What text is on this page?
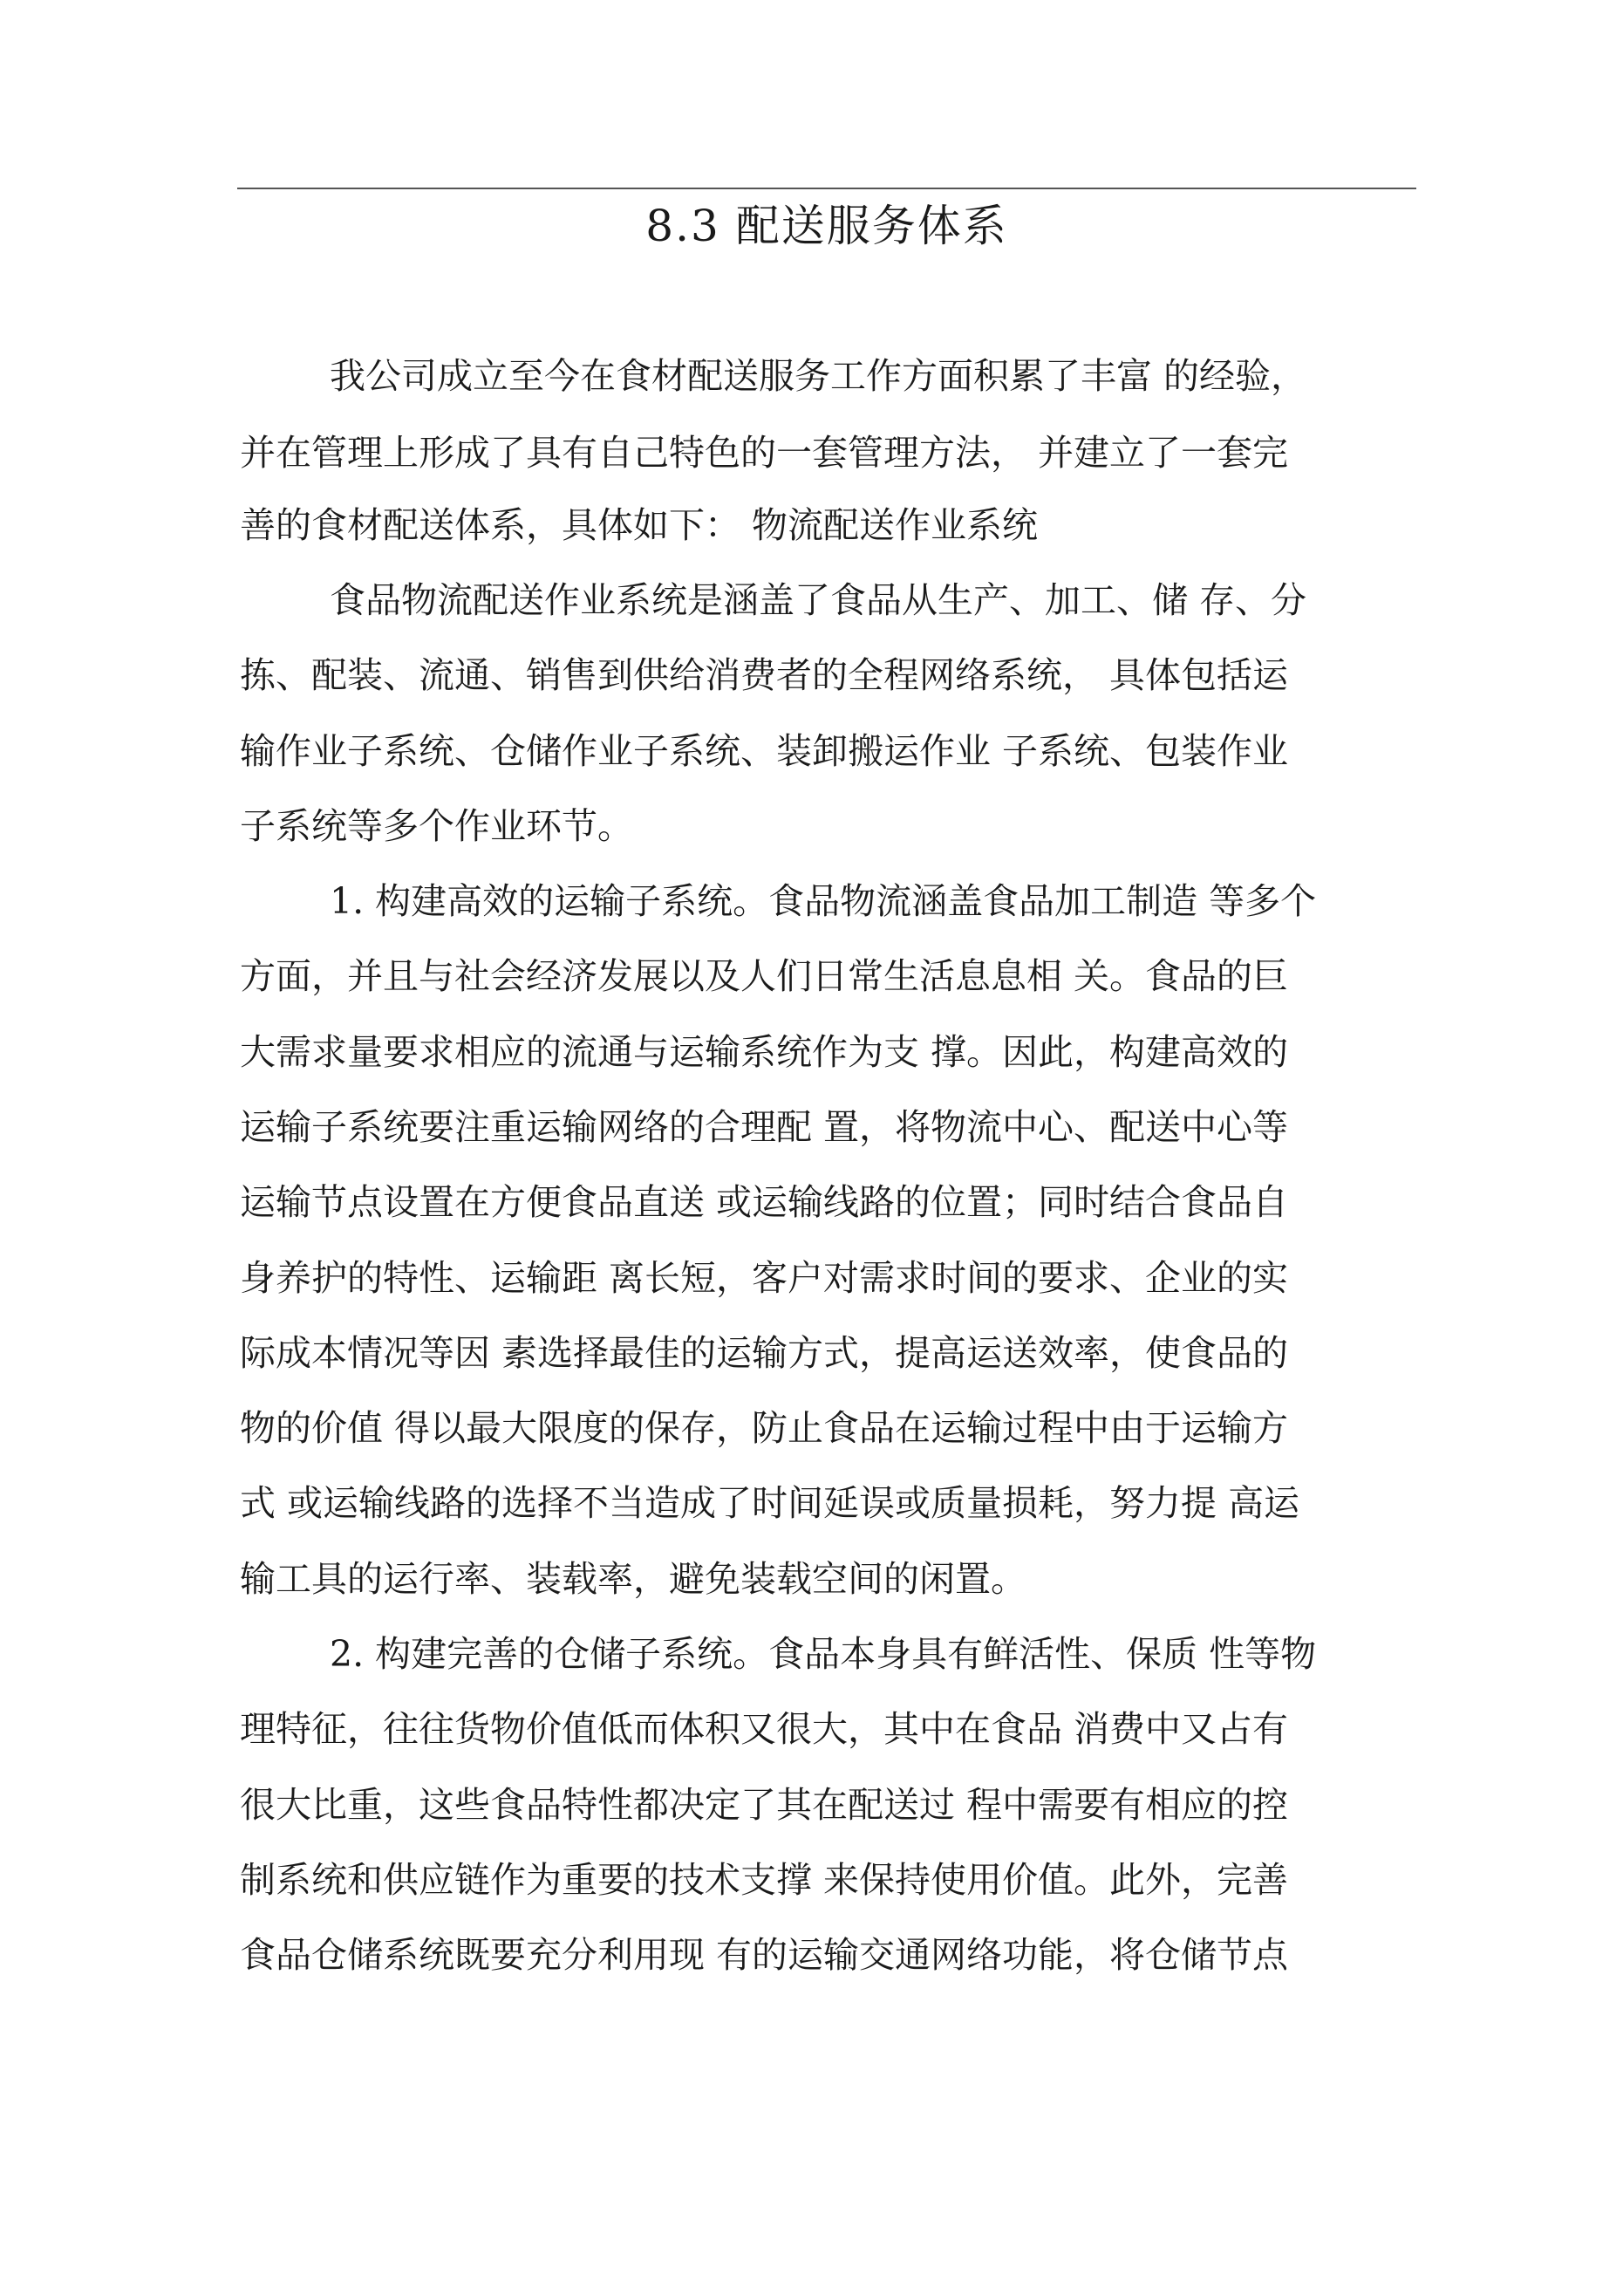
8.3 配送服务体系

我公司成立至今在食材配送服务工作方面积累了丰富 的经验，

并在管理上形成了具有自己特色的一套管理方法， 并建立了一套完

善的食材配送体系，具体如下： 物流配送作业系统

食品物流配送作业系统是涵盖了食品从生产、加工、储 存、分

拣、配装、流通、销售到供给消费者的全程网络系统， 具体包括运

输作业子系统、仓储作业子系统、装卸搬运作业 子系统、包装作业

子系统等多个作业环节。

1. 构建高效的运输子系统。食品物流涵盖食品加工制造 等多个

方面，并且与社会经济发展以及人们日常生活息息相 关。食品的巨

大需求量要求相应的流通与运输系统作为支 撑。因此，构建高效的

运输子系统要注重运输网络的合理配 置，将物流中心、配送中心等

运输节点设置在方便食品直送 或运输线路的位置；同时结合食品自

身养护的特性、运输距 离长短，客户对需求时间的要求、企业的实

际成本情况等因 素选择最佳的运输方式，提高运送效率，使食品的

物的价值 得以最大限度的保存，防止食品在运输过程中由于运输方

式 或运输线路的选择不当造成了时间延误或质量损耗，努力提 高运

输工具的运行率、装载率，避免装载空间的闲置。

2. 构建完善的仓储子系统。食品本身具有鲜活性、保质 性等物

理特征，往往货物价值低而体积又很大，其中在食品 消费中又占有

很大比重，这些食品特性都决定了其在配送过 程中需要有相应的控

制系统和供应链作为重要的技术支撑 来保持使用价值。此外，完善

食品仓储系统既要充分利用现 有的运输交通网络功能，将仓储节点
